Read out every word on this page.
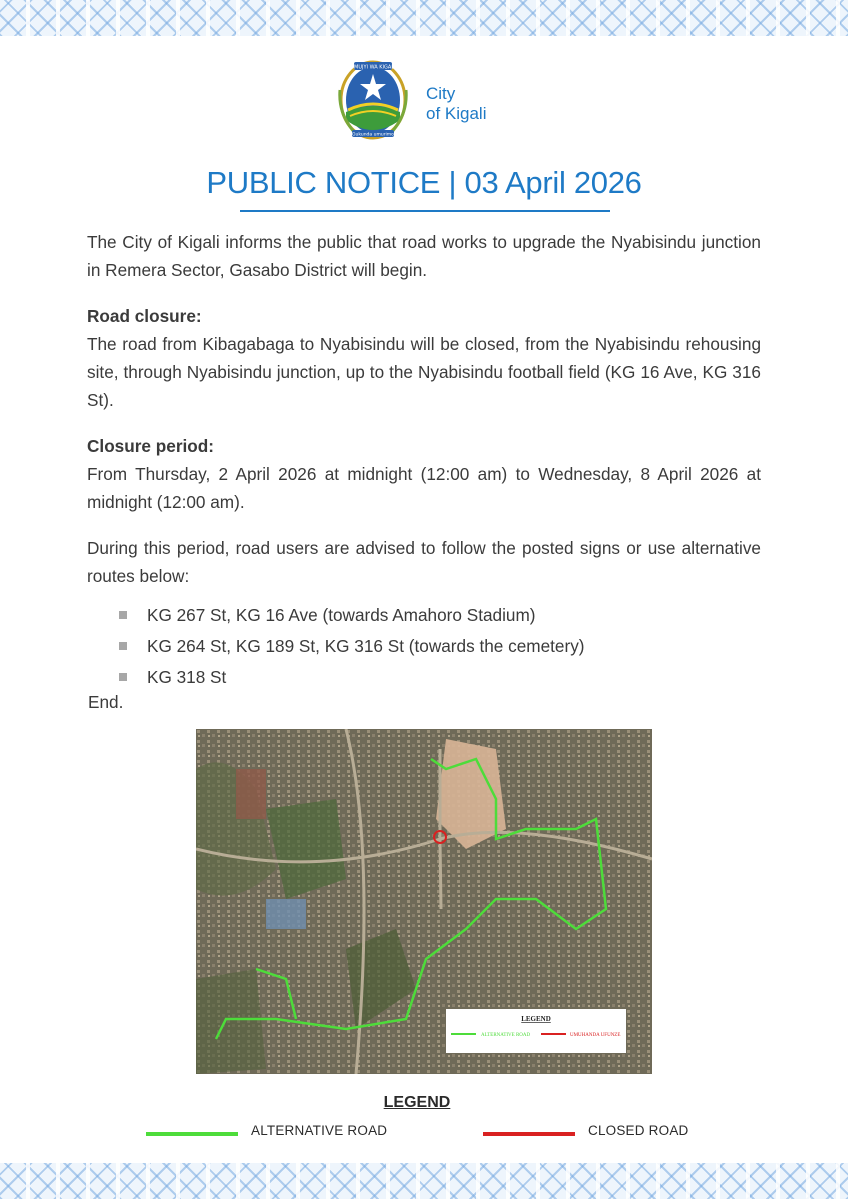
UMUJYI WA KIGALI
Gukunda umurimo
City
of Kigali
PUBLIC NOTICE | 03 April 2026

The City of Kigali informs the public that road works to upgrade the Nyabisindu junction in Remera Sector, Gasabo District will begin.

Road closure:

The road from Kibagabaga to Nyabisindu will be closed, from the Nyabisindu rehousing site, through Nyabisindu junction, up to the Nyabisindu football field (KG 16 Ave, KG 316 St).

Closure period:

From Thursday, 2 April 2026 at midnight (12:00 am) to Wednesday, 8 April 2026 at midnight (12:00 am).

During this period, road users are advised to follow the posted signs or use alternative routes below:

KG 267 St, KG 16 Ave (towards Amahoro Stadium)
KG 264 St, KG 189 St, KG 316 St (towards the cemetery)
KG 318 St

End.

LEGEND
ALTERNATIVE ROAD	UMUHANDA UFUNZE
LEGEND
ALTERNATIVE ROAD	CLOSED ROAD
